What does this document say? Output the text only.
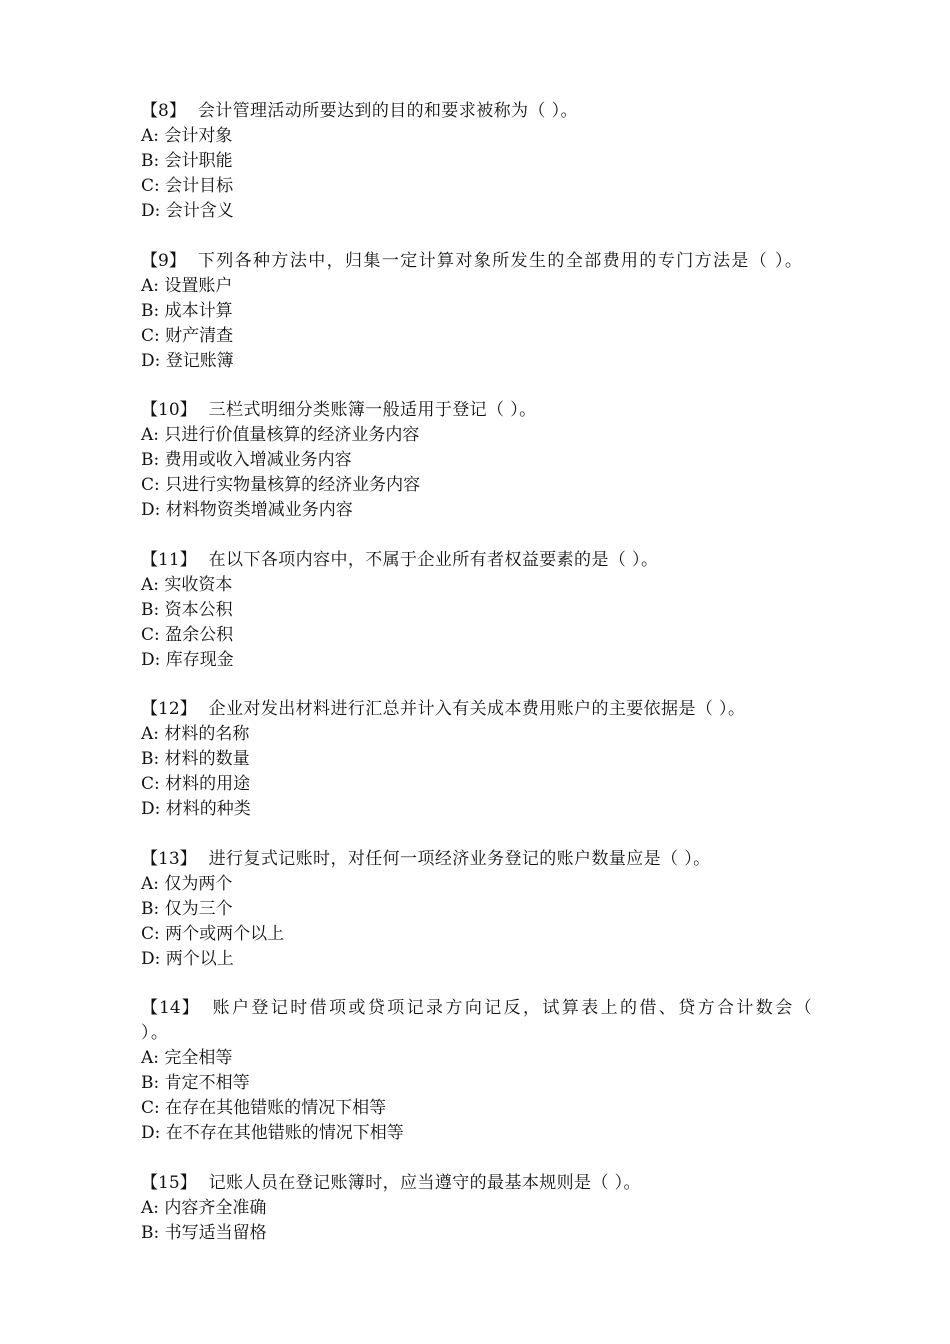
【8】 会计管理活动所要达到的目的和要求被称为（ ）。
A: 会计对象
B: 会计职能
C: 会计目标
D: 会计含义
【9】 下列各种方法中，归集一定计算对象所发生的全部费用的专门方法是（ ）。
A: 设置账户
B: 成本计算
C: 财产清查
D: 登记账簿
【10】 三栏式明细分类账簿一般适用于登记（ ）。
A: 只进行价值量核算的经济业务内容
B: 费用或收入增减业务内容
C: 只进行实物量核算的经济业务内容
D: 材料物资类增减业务内容
【11】 在以下各项内容中，不属于企业所有者权益要素的是（ ）。
A: 实收资本
B: 资本公积
C: 盈余公积
D: 库存现金
【12】 企业对发出材料进行汇总并计入有关成本费用账户的主要依据是（ ）。
A: 材料的名称
B: 材料的数量
C: 材料的用途
D: 材料的种类
【13】 进行复式记账时，对任何一项经济业务登记的账户数量应是（ ）。
A: 仅为两个
B: 仅为三个
C: 两个或两个以上
D: 两个以上
【14】 账户登记时借项或贷项记录方向记反，试算表上的借、贷方合计数会（ ）。
A: 完全相等
B: 肯定不相等
C: 在存在其他错账的情况下相等
D: 在不存在其他错账的情况下相等
【15】 记账人员在登记账簿时，应当遵守的最基本规则是（ ）。
A: 内容齐全准确
B: 书写适当留格
